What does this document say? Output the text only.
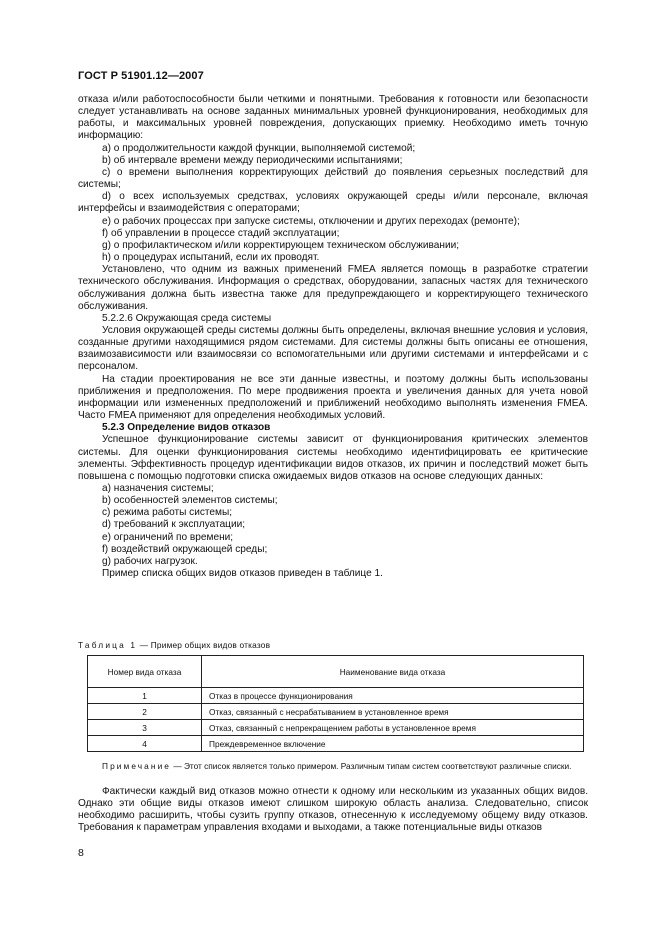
ГОСТ Р 51901.12—2007

отказа и/или работоспособности были четкими и понятными. Требования к готовности или безопасности следует устанавливать на основе заданных минимальных уровней функционирования, необходимых для работы, и максимальных уровней повреждения, допускающих приемку. Необходимо иметь точную информацию:

a) о продолжительности каждой функции, выполняемой системой;

b) об интервале времени между периодическими испытаниями;

c) о времени выполнения корректирующих действий до появления серьезных последствий для системы;

d) о всех используемых средствах, условиях окружающей среды и/или персонале, включая интерфейсы и взаимодействия с операторами;

e) о рабочих процессах при запуске системы, отключении и других переходах (ремонте);

f) об управлении в процессе стадий эксплуатации;

g) о профилактическом и/или корректирующем техническом обслуживании;

h) о процедурах испытаний, если их проводят.

Установлено, что одним из важных применений FMEA является помощь в разработке стратегии технического обслуживания. Информация о средствах, оборудовании, запасных частях для технического обслуживания должна быть известна также для предупреждающего и корректирующего технического обслуживания.

5.2.2.6 Окружающая среда системы

Условия окружающей среды системы должны быть определены, включая внешние условия и условия, созданные другими находящимися рядом системами. Для системы должны быть описаны ее отношения, взаимозависимости или взаимосвязи со вспомогательными или другими системами и интерфейсами и с персоналом.

На стадии проектирования не все эти данные известны, и поэтому должны быть использованы приближения и предположения. По мере продвижения проекта и увеличения данных для учета новой информации или измененных предположений и приближений необходимо выполнять изменения FMEA. Часто FMEA применяют для определения необходимых условий.

5.2.3 Определение видов отказов

Успешное функционирование системы зависит от функционирования критических элементов системы. Для оценки функционирования системы необходимо идентифицировать ее критические элементы. Эффективность процедур идентификации видов отказов, их причин и последствий может быть повышена с помощью подготовки списка ожидаемых видов отказов на основе следующих данных:

a) назначения системы;

b) особенностей элементов системы;

c) режима работы системы;

d) требований к эксплуатации;

e) ограничений по времени;

f) воздействий окружающей среды;

g) рабочих нагрузок.

Пример списка общих видов отказов приведен в таблице 1.

Таблица 1 — Пример общих видов отказов
Номер вида отказа	Наименование вида отказа
1	Отказ в процессе функционирования
2	Отказ, связанный с несрабатыванием в установленное время
3	Отказ, связанный с непрекращением работы в установленное время
4	Преждевременное включение
Примечание — Этот список является только примером. Различным типам систем соответствуют различные списки.

Фактически каждый вид отказов можно отнести к одному или нескольким из указанных общих видов. Однако эти общие виды отказов имеют слишком широкую область анализа. Следовательно, список необходимо расширить, чтобы сузить группу отказов, отнесенную к исследуемому общему виду отказов. Требования к параметрам управления входами и выходами, а также потенциальные виды отказов

8
